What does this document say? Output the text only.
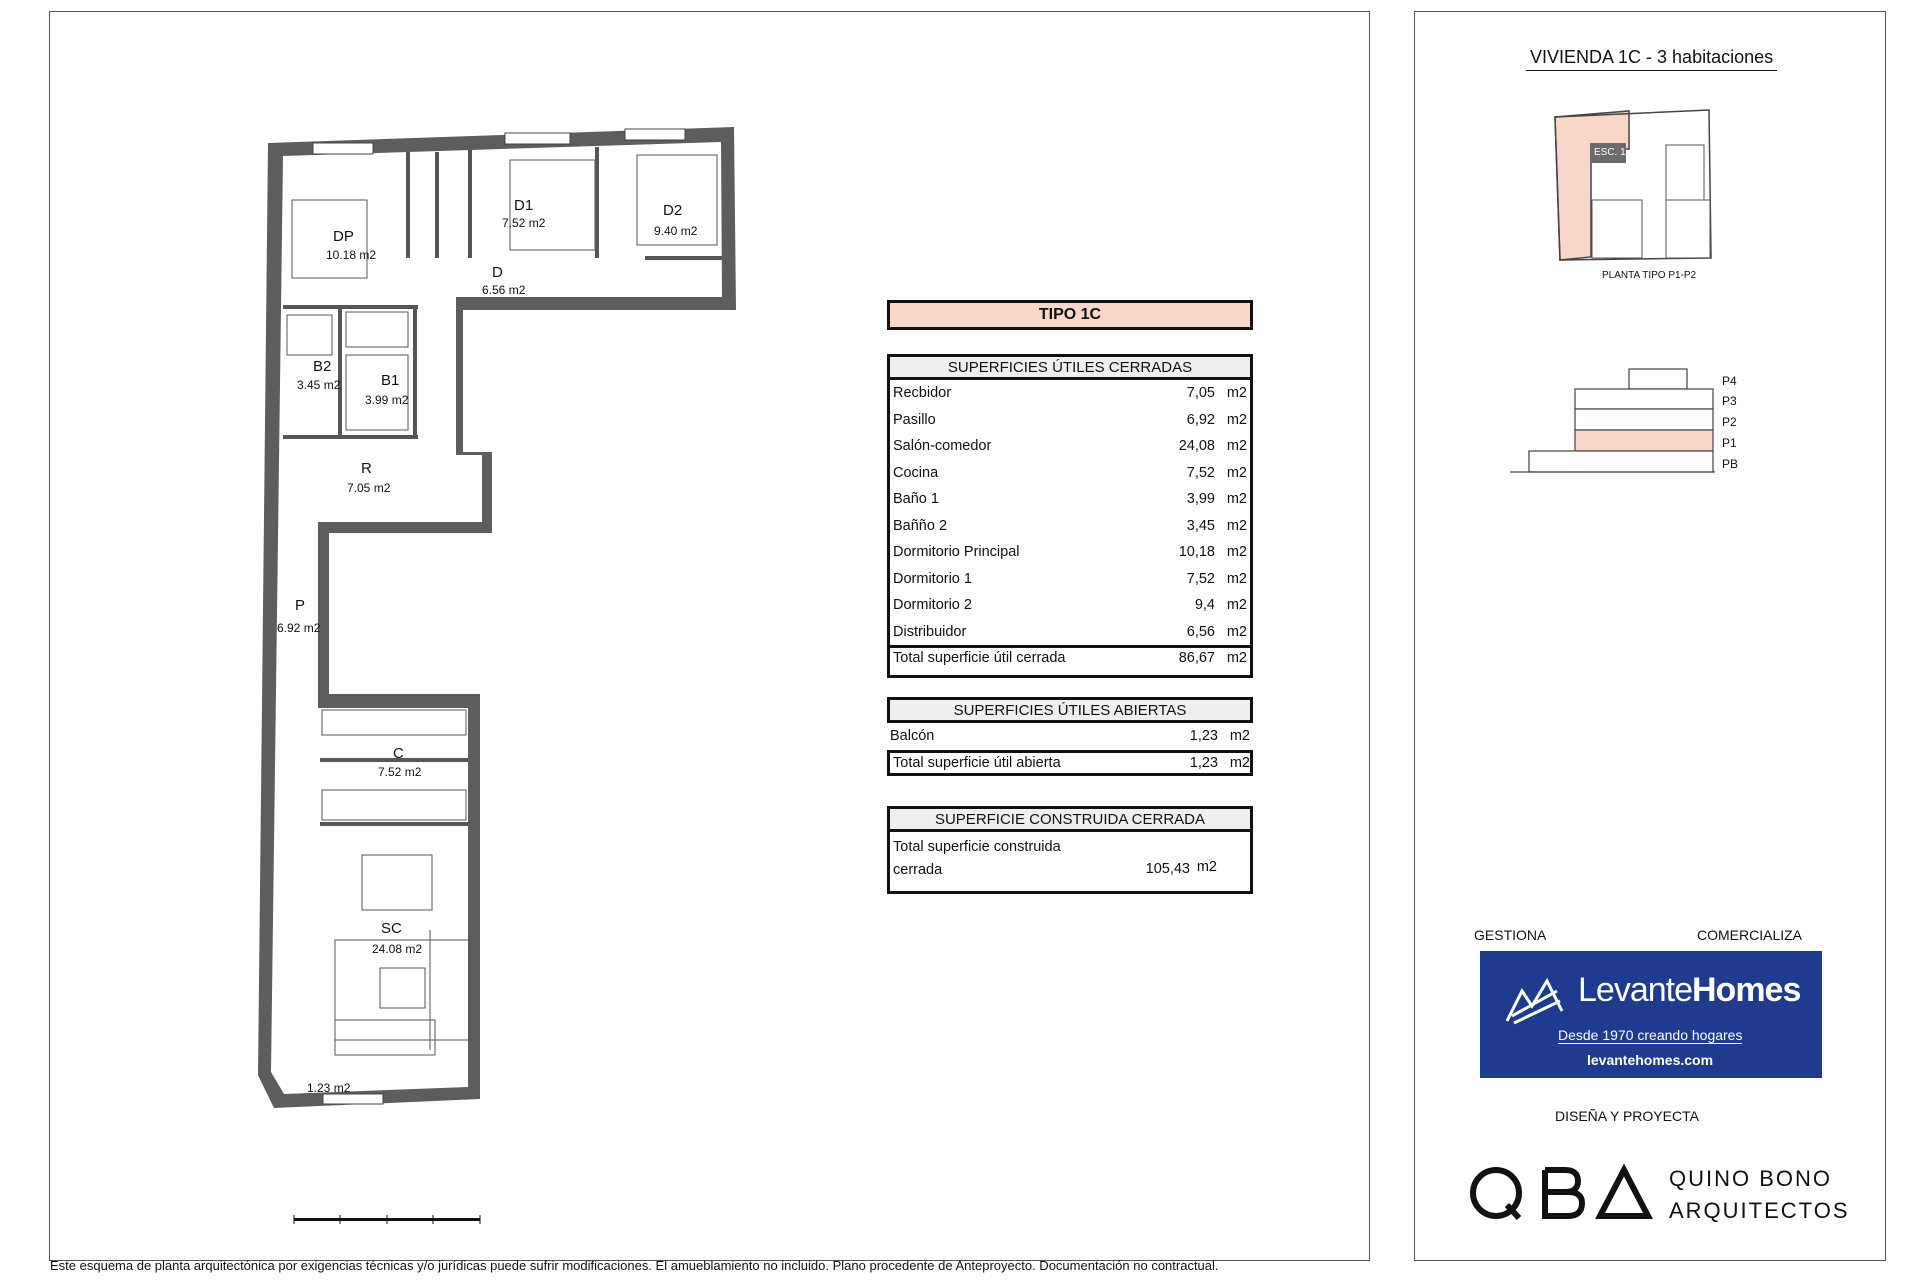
DP
10.18 m2
D1
7.52 m2
D2
9.40 m2
D
6.56 m2
B2
3.45 m2	B1
3.99 m2
R
7.05 m2
P
6.92 m2
C
7.52 m2
SC
24.08 m2
1.23 m2
TIPO 1C
SUPERFICIES ÚTILES CERRADAS
Recbidor	7,05 m2
Pasillo	6,92 m2
Salón-comedor	24,08 m2
Cocina	7,52 m2
Baño 1	3,99 m2
Bañño 2	3,45 m2
Dormitorio Principal	10,18 m2
Dormitorio 1	7,52 m2
Dormitorio 2	9,4 m2
Distribuidor	6,56 m2
Total superficie útil cerrada	86,67 m2
SUPERFICIES ÚTILES ABIERTAS
Balcón	1,23 m2
Total superficie útil abierta	1,23 m2
SUPERFICIE CONSTRUIDA CERRADA
Total superficie construida
cerrada	105,43 m2
VIVIENDA 1C - 3 habitaciones
ESC. 1
PLANTA TIPO P1-P2
P4
P3
P2
P1
PB
GESTIONA	COMERCIALIZA
LevanteHomes
Desde 1970 creando hogares
levantehomes.com
DISEÑA Y PROYECTA
QUINO BONO
ARQUITECTOS
Este esquema de planta arquitectónica por exigencias técnicas y/o jurídicas puede sufrir modificaciones. El amueblamiento no incluido. Plano procedente de Anteproyecto. Documentación no contractual.
